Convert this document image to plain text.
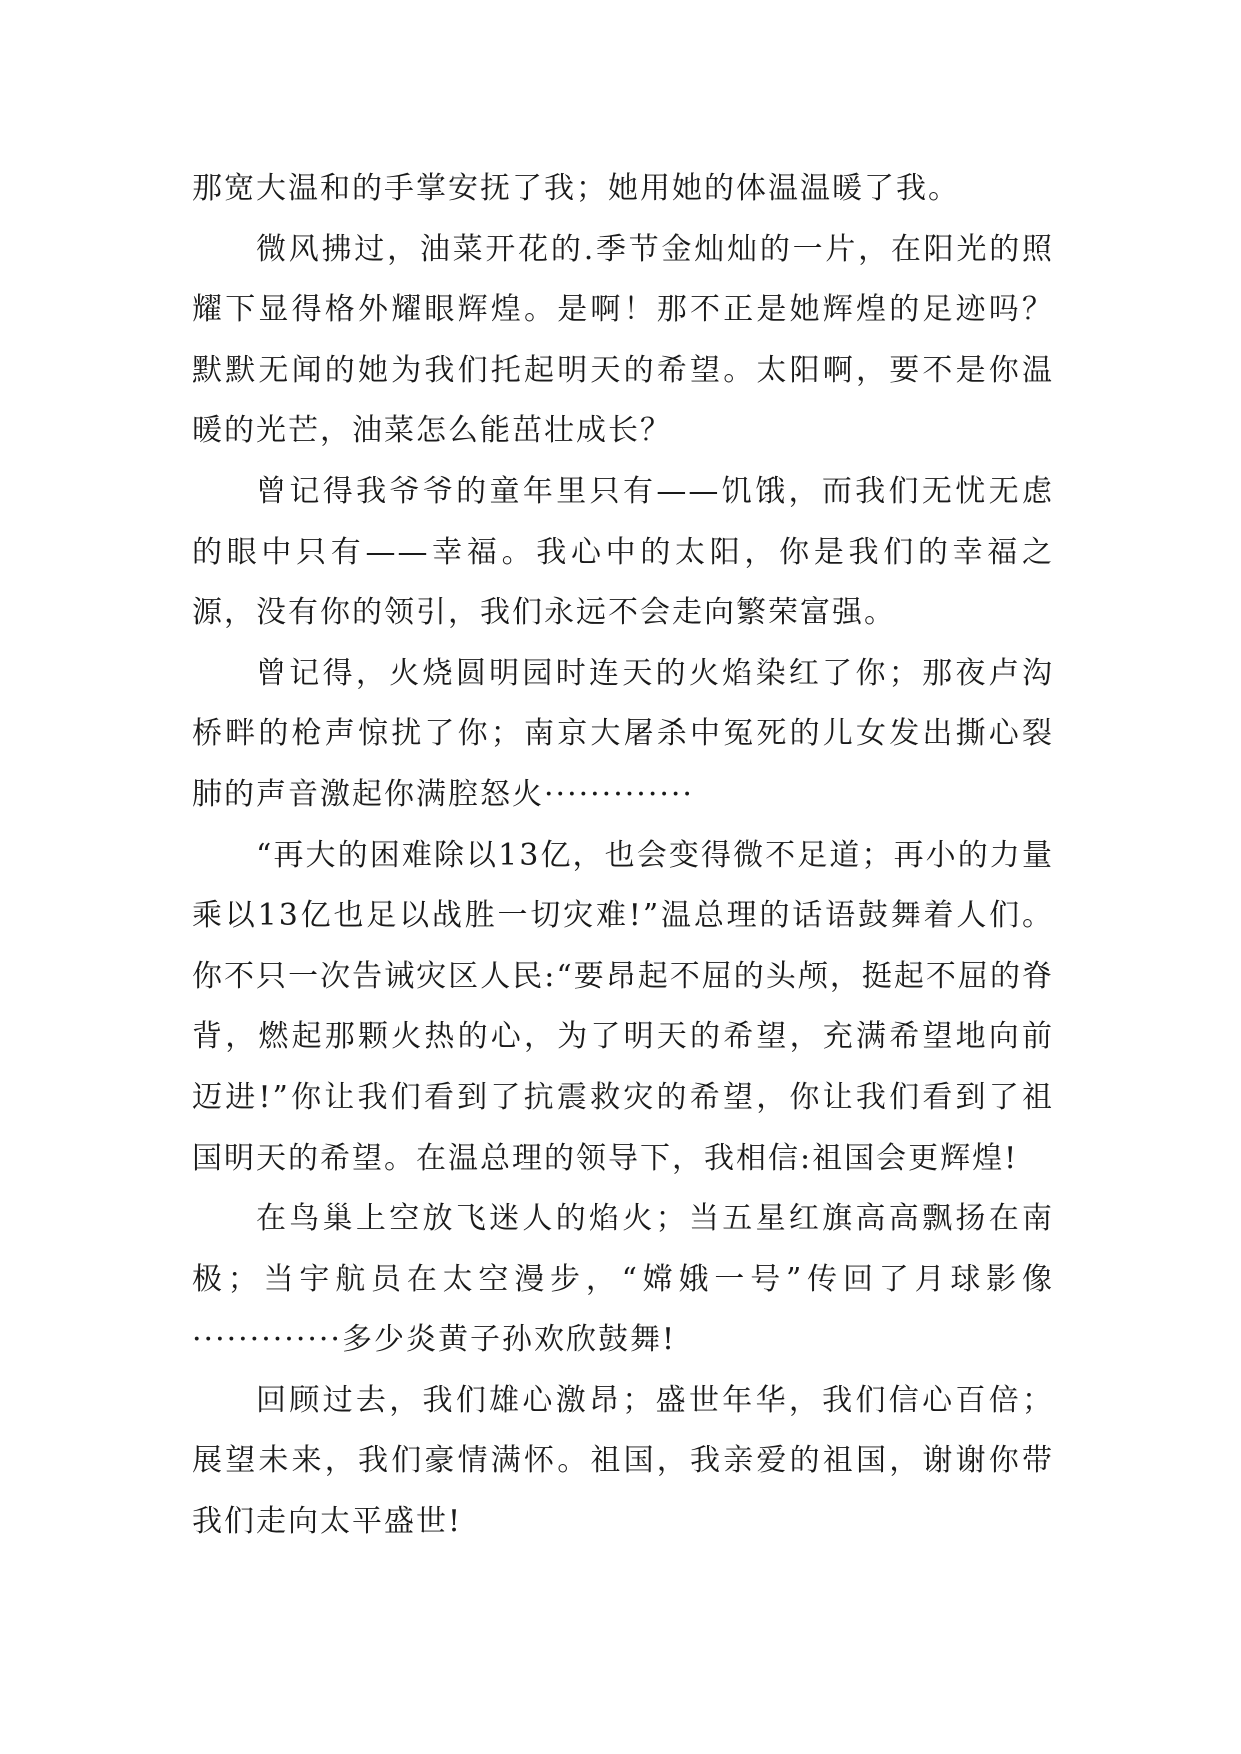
那宽大温和的手掌安抚了我；她用她的体温温暖了我。

微风拂过，油菜开花的.季节金灿灿的一片，在阳光的照耀下显得格外耀眼辉煌。是啊！那不正是她辉煌的足迹吗？默默无闻的她为我们托起明天的希望。太阳啊，要不是你温暖的光芒，油菜怎么能茁壮成长？

曾记得我爷爷的童年里只有——饥饿，而我们无忧无虑的眼中只有——幸福。我心中的太阳，你是我们的幸福之源，没有你的领引，我们永远不会走向繁荣富强。

曾记得，火烧圆明园时连天的火焰染红了你；那夜卢沟桥畔的枪声惊扰了你；南京大屠杀中冤死的儿女发出撕心裂肺的声音激起你满腔怒火·············

“再大的困难除以13亿，也会变得微不足道；再小的力量乘以13亿也足以战胜一切灾难!”温总理的话语鼓舞着人们。你不只一次告诫灾区人民:“要昂起不屈的头颅，挺起不屈的脊背，燃起那颗火热的心，为了明天的希望，充满希望地向前迈进!”你让我们看到了抗震救灾的希望，你让我们看到了祖国明天的希望。在温总理的领导下，我相信:祖国会更辉煌!

在鸟巢上空放飞迷人的焰火；当五星红旗高高飘扬在南极；当宇航员在太空漫步，“嫦娥一号”传回了月球影像·············多少炎黄子孙欢欣鼓舞!

回顾过去，我们雄心激昂；盛世年华，我们信心百倍；展望未来，我们豪情满怀。祖国，我亲爱的祖国，谢谢你带我们走向太平盛世!
